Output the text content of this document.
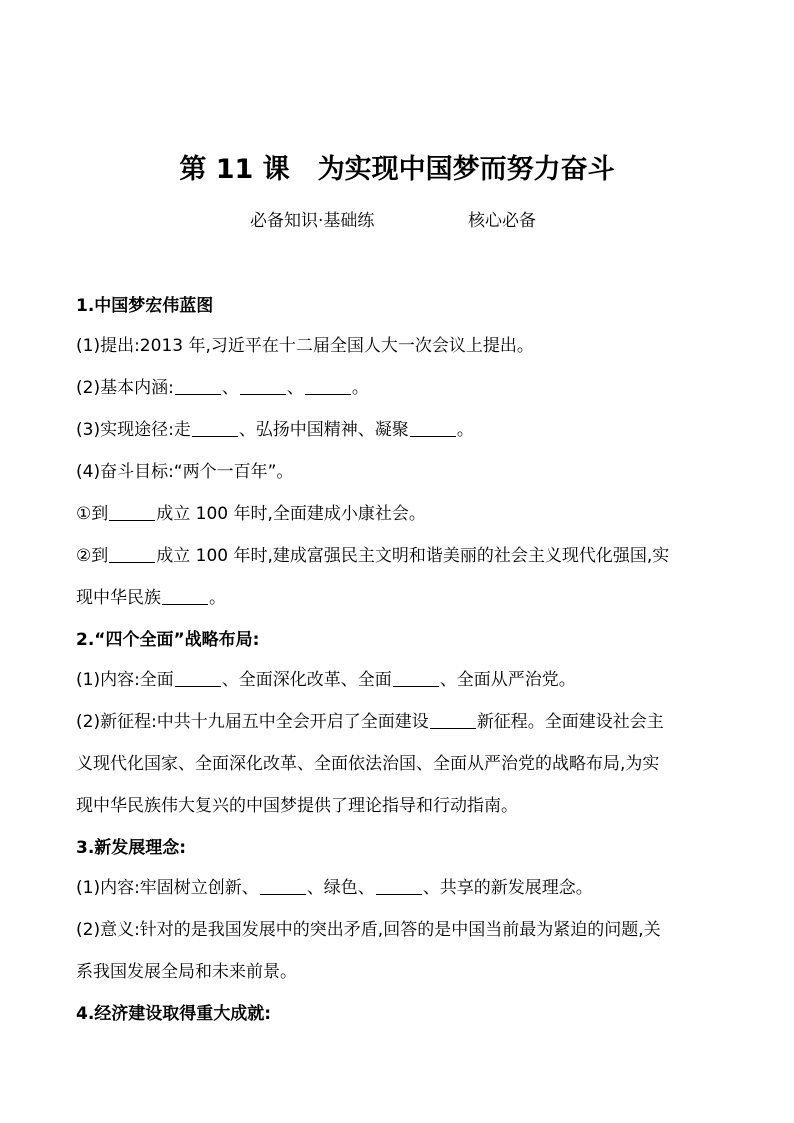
第 11 课 为实现中国梦而努力奋斗
必备知识·基础练	核心必备
1.中国梦宏伟蓝图
(1)提出:2013 年,习近平在十二届全国人大一次会议上提出。
(2)基本内涵:	、	、	。
(3)实现途径:走	、弘扬中国精神、凝聚	。
(4)奋斗目标:“两个一百年”。
①到	成立 100 年时,全面建成小康社会。
②到	成立 100 年时,建成富强民主文明和谐美丽的社会主义现代化强国,实
现中华民族	。
2.“四个全面”战略布局:
(1)内容:全面	、全面深化改革、全面	、全面从严治党。
(2)新征程:中共十九届五中全会开启了全面建设	新征程。全面建设社会主
义现代化国家、全面深化改革、全面依法治国、全面从严治党的战略布局,为实
现中华民族伟大复兴的中国梦提供了理论指导和行动指南。
3.新发展理念:
(1)内容:牢固树立创新、	、绿色、	、共享的新发展理念。
(2)意义:针对的是我国发展中的突出矛盾,回答的是中国当前最为紧迫的问题,关
系我国发展全局和未来前景。
4.经济建设取得重大成就:
